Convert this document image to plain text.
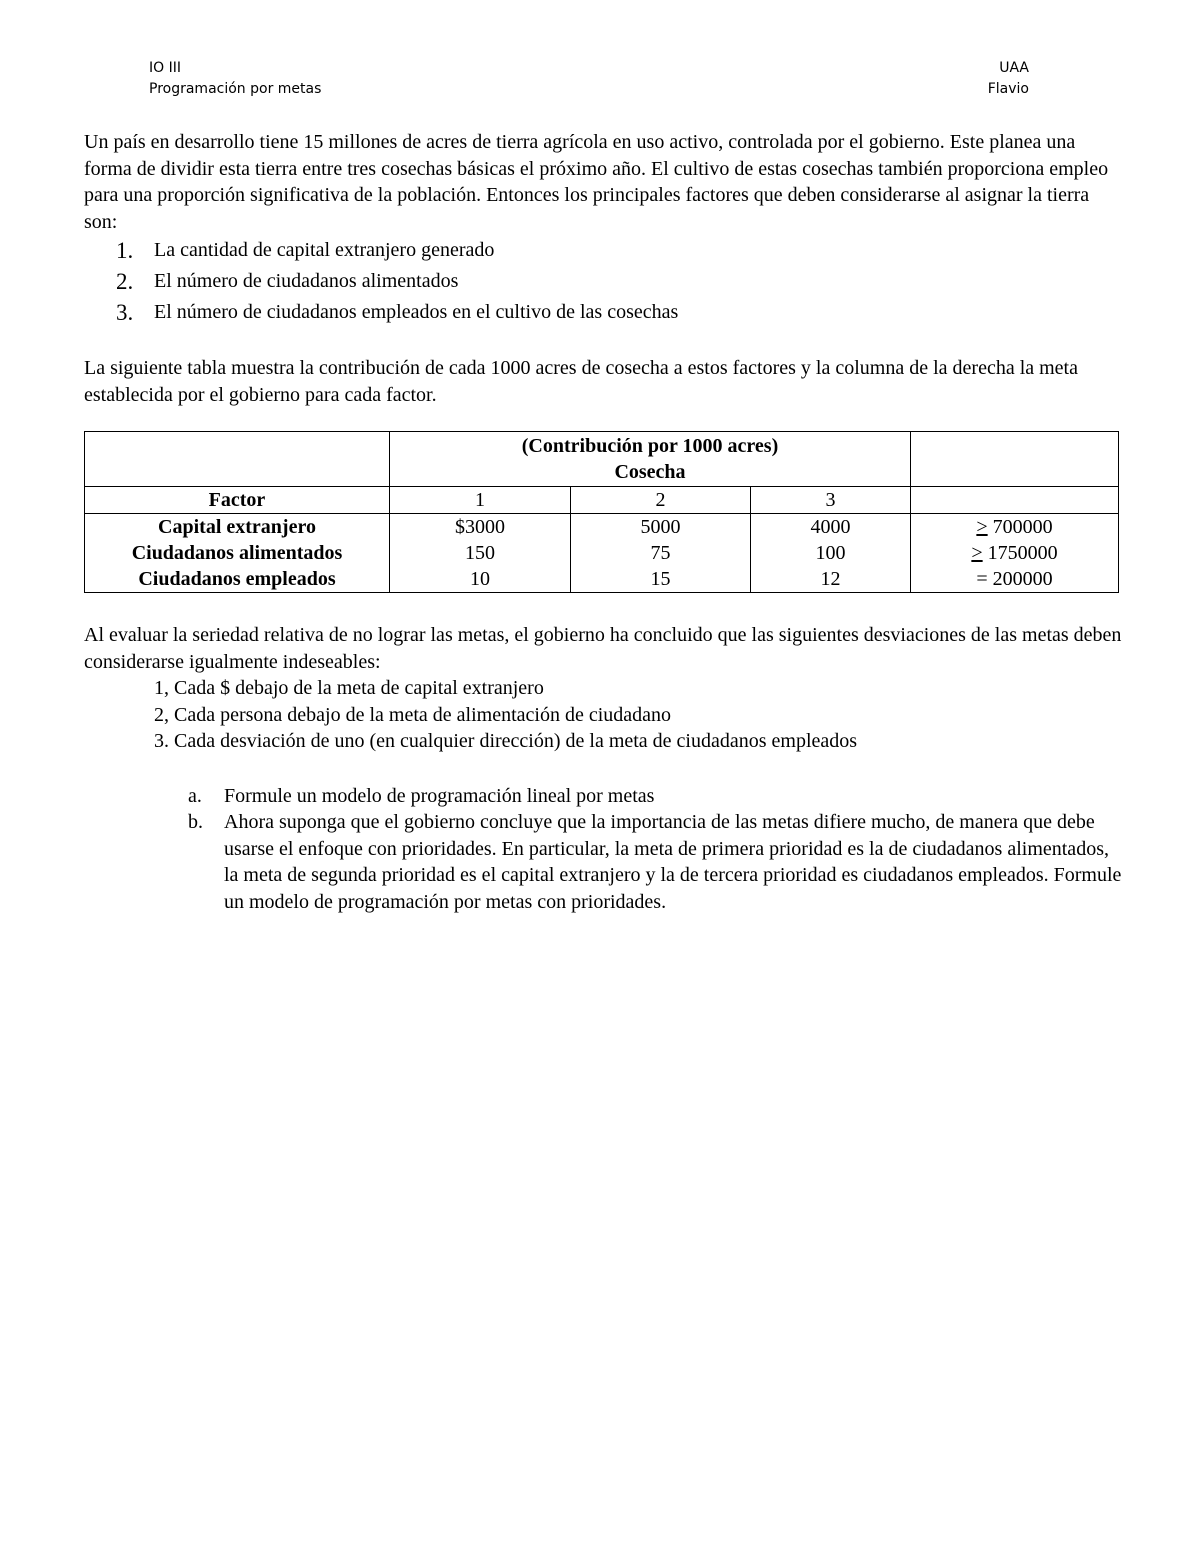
IO III	UAA
Programación por metas	Flavio

Un país en desarrollo tiene 15 millones de acres de tierra agrícola en uso activo, controlada por el gobierno. Este planea una forma de dividir esta tierra entre tres cosechas básicas el próximo año. El cultivo de estas cosechas también proporciona empleo para una proporción significativa de la población. Entonces los principales factores que deben considerarse al asignar la tierra son:

1. La cantidad de capital extranjero generado
2. El número de ciudadanos alimentados
3. El número de ciudadanos empleados en el cultivo de las cosechas

La siguiente tabla muestra la contribución de cada 1000 acres de cosecha a estos factores y la columna de la derecha la meta establecida por el gobierno para cada factor.

	(Contribución por 1000 acres)
Cosecha			

Factor	1	2	3	
Capital extranjero	$3000	5000	4000	> 700000
Ciudadanos alimentados	150	75	100	> 1750000
Ciudadanos empleados	10	15	12	= 200000

Al evaluar la seriedad relativa de no lograr las metas, el gobierno ha concluido que las siguientes desviaciones de las metas deben considerarse igualmente indeseables:

1, Cada $ debajo de la meta de capital extranjero
2, Cada persona debajo de la meta de alimentación de ciudadano
3. Cada desviación de uno (en cualquier dirección) de la meta de ciudadanos empleados
a. Formule un modelo de programación lineal por metas
b. Ahora suponga que el gobierno concluye que la importancia de las metas difiere mucho, de manera que debe usarse el enfoque con prioridades. En particular, la meta de primera prioridad es la de ciudadanos alimentados, la meta de segunda prioridad es el capital extranjero y la de tercera prioridad es ciudadanos empleados. Formule un modelo de programación por metas con prioridades.
